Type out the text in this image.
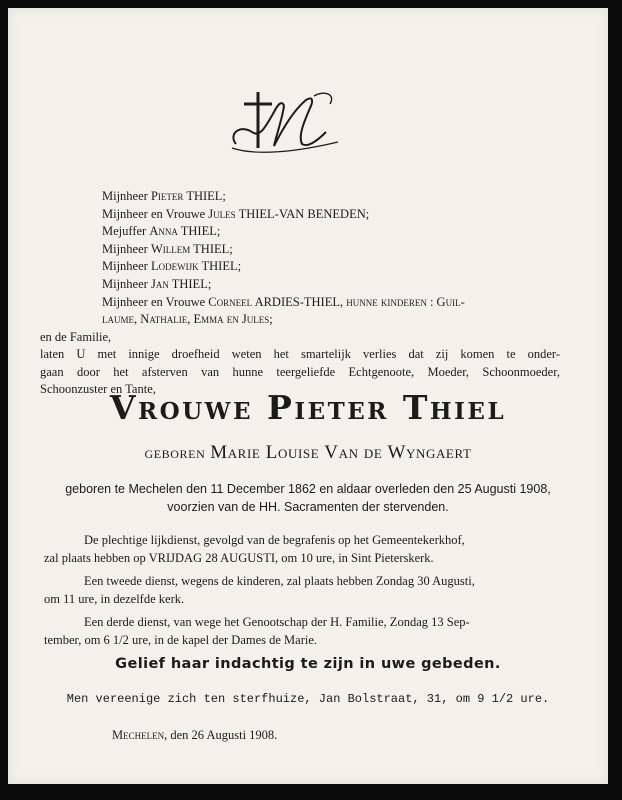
Mijnheer Pieter THIEL;
Mijnheer en Vrouwe Jules THIEL-VAN BENEDEN;
Mejuffer Anna THIEL;
Mijnheer Willem THIEL;
Mijnheer Lodewijk THIEL;
Mijnheer Jan THIEL;
Mijnheer en Vrouwe Corneel ARDIES-THIEL, hunne kinderen : Guil-
laume, Nathalie, Emma en Jules;
en de Familie,
laten U met innige droefheid weten het smartelijk verlies dat zij komen te onder-
gaan door het afsterven van hunne teergeliefde Echtgenoote, Moeder, Schoonmoeder,
Schoonzuster en Tante,
Vrouwe Pieter Thiel
geboren Marie Louise Van de Wyngaert
geboren te Mechelen den 11 December 1862 en aldaar overleden den 25 Augusti 1908,
voorzien van de HH. Sacramenten der stervenden.
De plechtige lijkdienst, gevolgd van de begrafenis op het Gemeentekerkhof,
zal plaats hebben op VRIJDAG 28 AUGUSTI, om 10 ure, in Sint Pieterskerk.
Een tweede dienst, wegens de kinderen, zal plaats hebben Zondag 30 Augusti,
om 11 ure, in dezelfde kerk.
Een derde dienst, van wege het Genootschap der H. Familie, Zondag 13 Sep-
tember, om 6 1/2 ure, in de kapel der Dames de Marie.
Gelief haar indachtig te zijn in uwe gebeden.
Men vereenige zich ten sterfhuize, Jan Bolstraat, 31, om 9 1/2 ure.
Mechelen, den 26 Augusti 1908.
